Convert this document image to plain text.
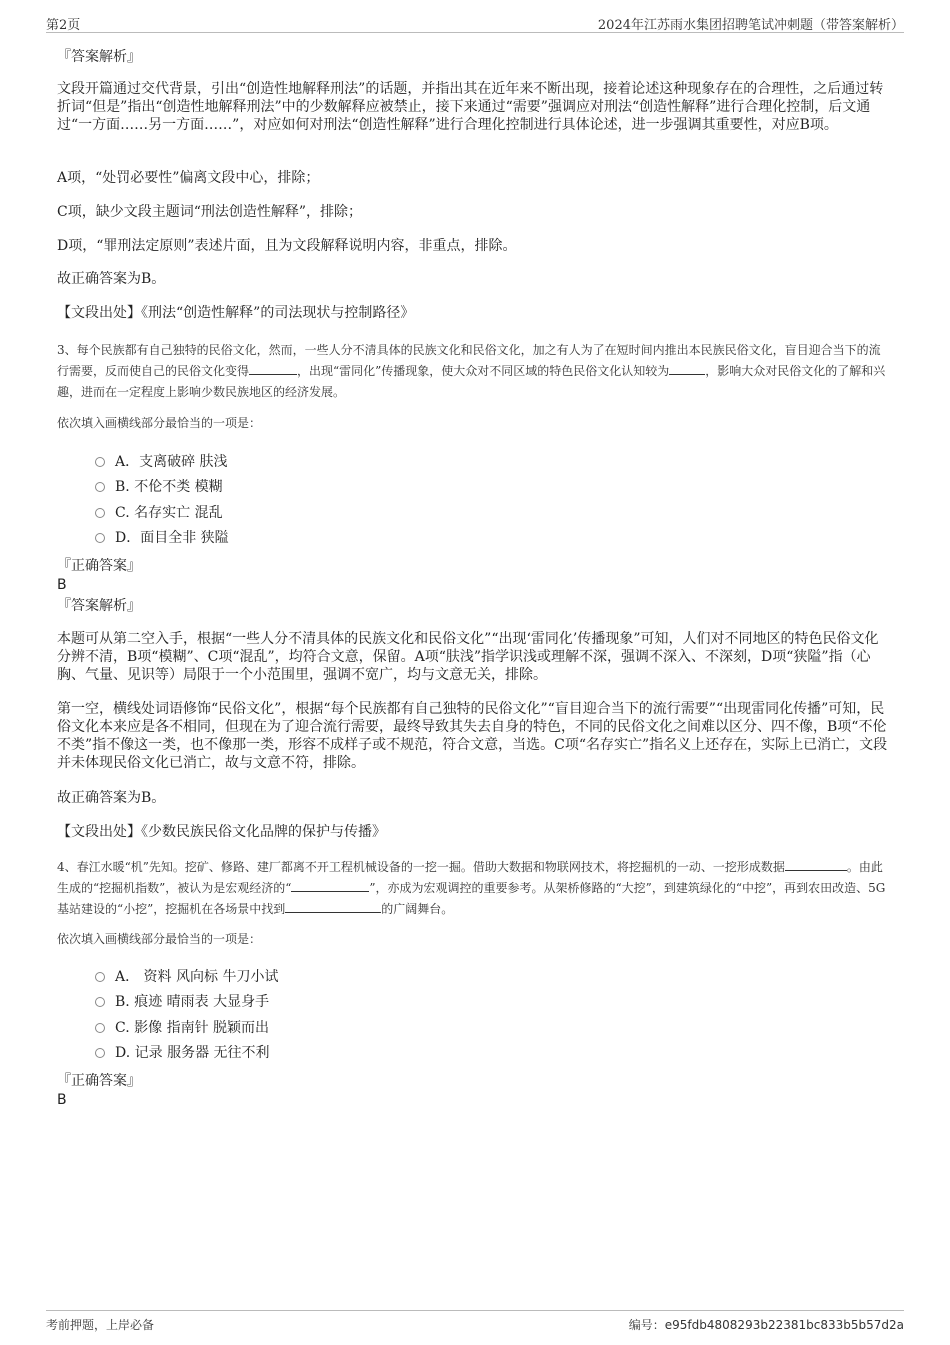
第2页	2024年江苏雨水集团招聘笔试冲刺题（带答案解析）
『答案解析』

文段开篇通过交代背景，引出“创造性地解释刑法”的话题，并指出其在近年来不断出现，接着论述这种现象存在的合理性，之后通过转折词“但是”指出“创造性地解释刑法”中的少数解释应被禁止，接下来通过“需要”强调应对刑法“创造性解释”进行合理化控制，后文通过“一方面……另一方面……”，对应如何对刑法“创造性解释”进行合理化控制进行具体论述，进一步强调其重要性，对应B项。

A项，“处罚必要性”偏离文段中心，排除；

C项，缺少文段主题词“刑法创造性解释”，排除；

D项，“罪刑法定原则”表述片面，且为文段解释说明内容，非重点，排除。

故正确答案为B。

【文段出处】《刑法“创造性解释”的司法现状与控制路径》

3、每个民族都有自己独特的民俗文化，然而，一些人分不清具体的民族文化和民俗文化，加之有人为了在短时间内推出本民族民俗文化，盲目迎合当下的流行需要，反而使自己的民俗文化变得	，出现“雷同化”传播现象，使大众对不同区域的特色民俗文化认知较为	，影响大众对民俗文化的了解和兴趣，进而在一定程度上影响少数民族地区的经济发展。

依次填入画横线部分最恰当的一项是：

A．支离破碎 肤浅
B. 不伦不类 模糊
C. 名存实亡 混乱
D．面目全非 狭隘
『正确答案』
B
『答案解析』

本题可从第二空入手，根据“一些人分不清具体的民族文化和民俗文化”“出现‘雷同化’传播现象”可知，人们对不同地区的特色民俗文化分辨不清，B项“模糊”、C项“混乱”，均符合文意，保留。A项“肤浅”指学识浅或理解不深，强调不深入、不深刻，D项“狭隘”指（心胸、气量、见识等）局限于一个小范围里，强调不宽广，均与文意无关，排除。

第一空，横线处词语修饰“民俗文化”，根据“每个民族都有自己独特的民俗文化”“盲目迎合当下的流行需要”“出现雷同化传播”可知，民俗文化本来应是各不相同，但现在为了迎合流行需要，最终导致其失去自身的特色，不同的民俗文化之间难以区分、四不像，B项“不伦不类”指不像这一类，也不像那一类，形容不成样子或不规范，符合文意，当选。C项“名存实亡”指名义上还存在，实际上已消亡，文段并未体现民俗文化已消亡，故与文意不符，排除。

故正确答案为B。

【文段出处】《少数民族民俗文化品牌的保护与传播》

4、春江水暖“机”先知。挖矿、修路、建厂都离不开工程机械设备的一挖一掘。借助大数据和物联网技术，将挖掘机的一动、一挖形成数据	。由此生成的“挖掘机指数”，被认为是宏观经济的“	”，亦成为宏观调控的重要参考。从架桥修路的“大挖”，到建筑绿化的“中挖”，再到农田改造、5G基站建设的“小挖”，挖掘机在各场景中找到	的广阔舞台。

依次填入画横线部分最恰当的一项是：

A． 资料 风向标 牛刀小试
B. 痕迹 晴雨表 大显身手
C. 影像 指南针 脱颖而出
D. 记录 服务器 无往不利
『正确答案』
B
考前押题，上岸必备	编号：e95fdb4808293b22381bc833b5b57d2a
